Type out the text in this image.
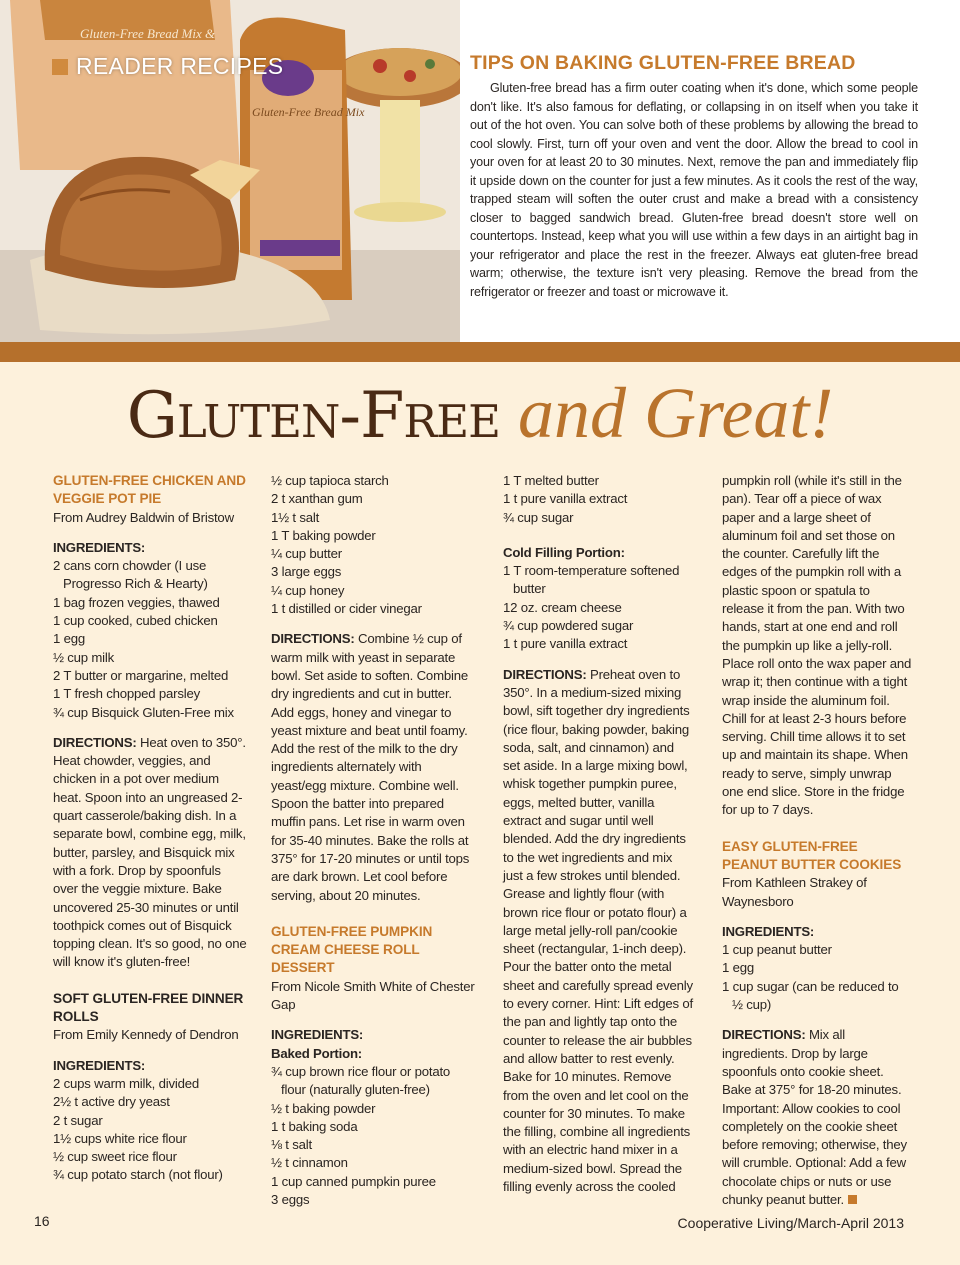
Gluten-Free Bread Mix &
Gluten-Free Bread Mix
READER RECIPES	TIPS ON BAKING GLUTEN-FREE BREAD

Gluten-free bread has a firm outer coating when it's done, which some people don't like. It's also famous for deflating, or collapsing in on itself when you take it out of the hot oven. You can solve both of these problems by allowing the bread to cool slowly. First, turn off your oven and vent the door. Allow the bread to cool in your oven for at least 20 to 30 minutes. Next, remove the pan and immediately flip it upside down on the counter for just a few minutes. As it cools the rest of the way, trapped steam will soften the outer crust and make a bread with a consistency closer to bagged sandwich bread. Gluten-free bread doesn't store well on countertops. Instead, keep what you will use within a few days in an airtight bag in your refrigerator and place the rest in the freezer. Always eat gluten-free bread warm; otherwise, the texture isn't very pleasing. Remove the bread from the refrigerator or freezer and toast or microwave it.

Gluten-Free and Great!
GLUTEN-FREE CHICKEN AND VEGGIE POT PIE

From Audrey Baldwin of Bristow

INGREDIENTS:

2 cans corn chowder (I use Progresso Rich & Hearty)

1 bag frozen veggies, thawed

1 cup cooked, cubed chicken

1 egg

½ cup milk

2 T butter or margarine, melted

1 T fresh chopped parsley

¾ cup Bisquick Gluten-Free mix

DIRECTIONS: Heat oven to 350°. Heat chowder, veggies, and chicken in a pot over medium heat. Spoon into an ungreased 2-quart casserole/baking dish. In a separate bowl, combine egg, milk, butter, parsley, and Bisquick mix with a fork. Drop by spoonfuls over the veggie mixture. Bake uncovered 25-30 minutes or until toothpick comes out of Bisquick topping clean. It's so good, no one will know it's gluten-free!

SOFT GLUTEN-FREE DINNER ROLLS

From Emily Kennedy of Dendron

INGREDIENTS:

2 cups warm milk, divided

2½ t active dry yeast

2 t sugar

1½ cups white rice flour

½ cup sweet rice flour

¾ cup potato starch (not flour)

½ cup tapioca starch

2 t xanthan gum

1½ t salt

1 T baking powder

¼ cup butter

3 large eggs

¼ cup honey

1 t distilled or cider vinegar

DIRECTIONS: Combine ½ cup of warm milk with yeast in separate bowl. Set aside to soften. Combine dry ingredients and cut in butter. Add eggs, honey and vinegar to yeast mixture and beat until foamy. Add the rest of the milk to the dry ingredients alternately with yeast/egg mixture. Combine well. Spoon the batter into prepared muffin pans. Let rise in warm oven for 35-40 minutes. Bake the rolls at 375° for 17-20 minutes or until tops are dark brown. Let cool before serving, about 20 minutes.

GLUTEN-FREE PUMPKIN CREAM CHEESE ROLL DESSERT

From Nicole Smith White of Chester Gap

INGREDIENTS:

Baked Portion:

¾ cup brown rice flour or potato flour (naturally gluten-free)

½ t baking powder

1 t baking soda

⅛ t salt

½ t cinnamon

1 cup canned pumpkin puree

3 eggs

1 T melted butter

1 t pure vanilla extract

¾ cup sugar

Cold Filling Portion:

1 T room-temperature softened butter

12 oz. cream cheese

¾ cup powdered sugar

1 t pure vanilla extract

DIRECTIONS: Preheat oven to 350°. In a medium-sized mixing bowl, sift together dry ingredients (rice flour, baking powder, baking soda, salt, and cinnamon) and set aside. In a large mixing bowl, whisk together pumpkin puree, eggs, melted butter, vanilla extract and sugar until well blended. Add the dry ingredients to the wet ingredients and mix just a few strokes until blended. Grease and lightly flour (with brown rice flour or potato flour) a large metal jelly-roll pan/cookie sheet (rectangular, 1-inch deep). Pour the batter onto the metal sheet and carefully spread evenly to every corner. Hint: Lift edges of the pan and lightly tap onto the counter to release the air bubbles and allow batter to rest evenly. Bake for 10 minutes. Remove from the oven and let cool on the counter for 30 minutes. To make the filling, combine all ingredients with an electric hand mixer in a medium-sized bowl. Spread the filling evenly across the cooled

pumpkin roll (while it's still in the pan). Tear off a piece of wax paper and a large sheet of aluminum foil and set those on the counter. Carefully lift the edges of the pumpkin roll with a plastic spoon or spatula to release it from the pan. With two hands, start at one end and roll the pumpkin up like a jelly-roll. Place roll onto the wax paper and wrap it; then continue with a tight wrap inside the aluminum foil. Chill for at least 2-3 hours before serving. Chill time allows it to set up and maintain its shape. When ready to serve, simply unwrap one end slice. Store in the fridge for up to 7 days.

EASY GLUTEN-FREE PEANUT BUTTER COOKIES

From Kathleen Strakey of Waynesboro

INGREDIENTS:

1 cup peanut butter

1 egg

1 cup sugar (can be reduced to ½ cup)

DIRECTIONS: Mix all ingredients. Drop by large spoonfuls onto cookie sheet. Bake at 375° for 18-20 minutes. Important: Allow cookies to cool completely on the cookie sheet before removing; otherwise, they will crumble. Optional: Add a few chocolate chips or nuts or use chunky peanut butter.

16	Cooperative Living/March-April 2013
